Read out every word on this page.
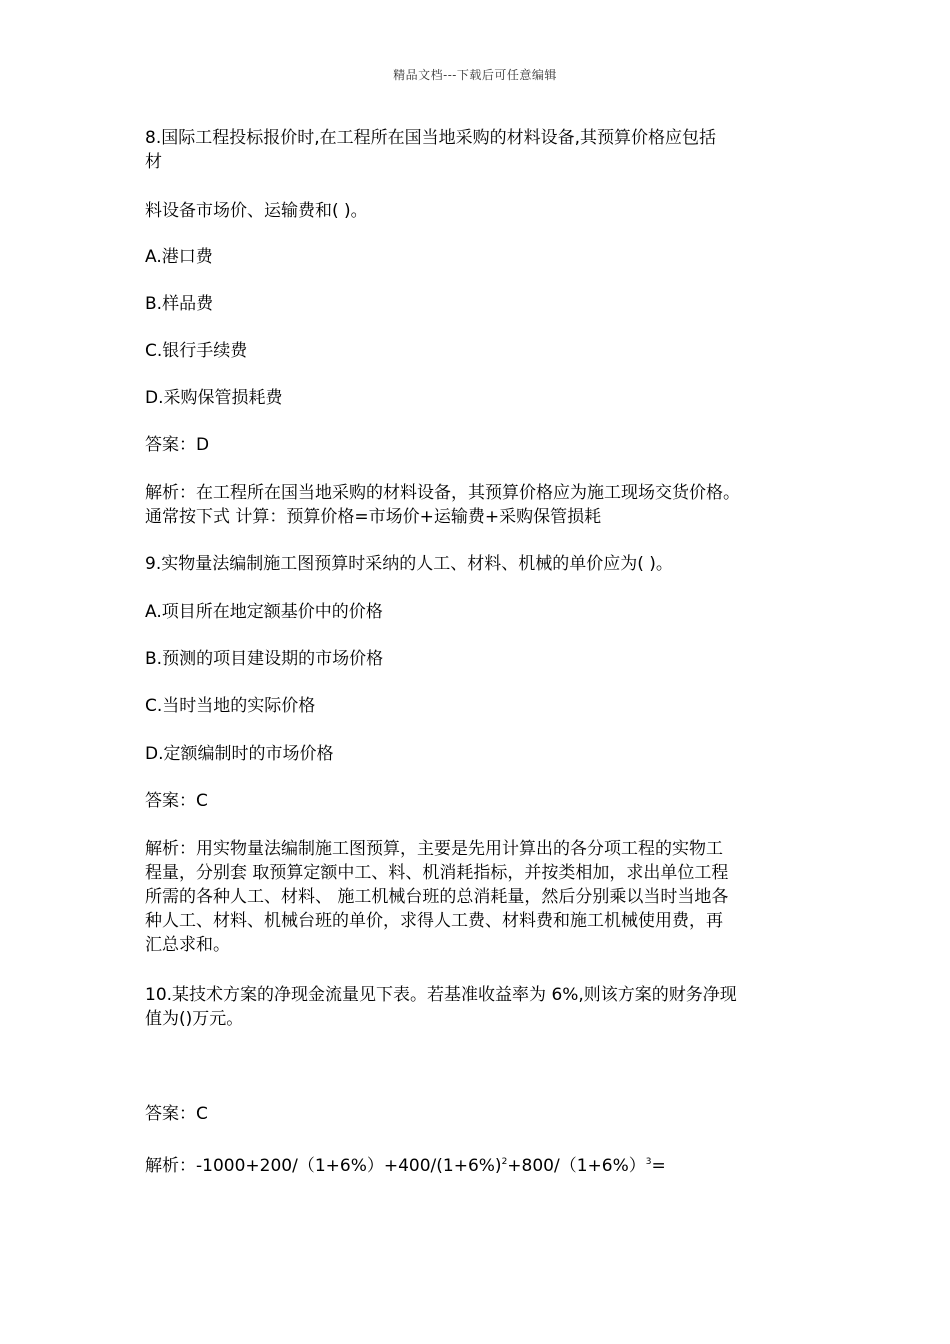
精品文档---下载后可任意编辑
8.国际工程投标报价时,在工程所在国当地采购的材料设备,其预算价格应包括
材
料设备市场价、运输费和( )。
A.港口费
B.样品费
C.银行手续费
D.采购保管损耗费
答案：D
解析：在工程所在国当地采购的材料设备，其预算价格应为施工现场交货价格。
通常按下式 计算：预算价格=市场价+运输费+采购保管损耗
9.实物量法编制施工图预算时采纳的人工、材料、机械的单价应为( )。
A.项目所在地定额基价中的价格
B.预测的项目建设期的市场价格
C.当时当地的实际价格
D.定额编制时的市场价格
答案：C
解析：用实物量法编制施工图预算，主要是先用计算出的各分项工程的实物工
程量，分别套 取预算定额中工、料、机消耗指标，并按类相加，求出单位工程
所需的各种人工、材料、 施工机械台班的总消耗量，然后分别乘以当时当地各
种人工、材料、机械台班的单价，求得人工费、材料费和施工机械使用费，再
汇总求和。
10.某技术方案的净现金流量见下表。若基准收益率为 6%,则该方案的财务净现
值为()万元。
答案：C
解析：$-1000+200/(1+6\%)+400/(1+6\%)^2+800/(1+6\%)^3=$
